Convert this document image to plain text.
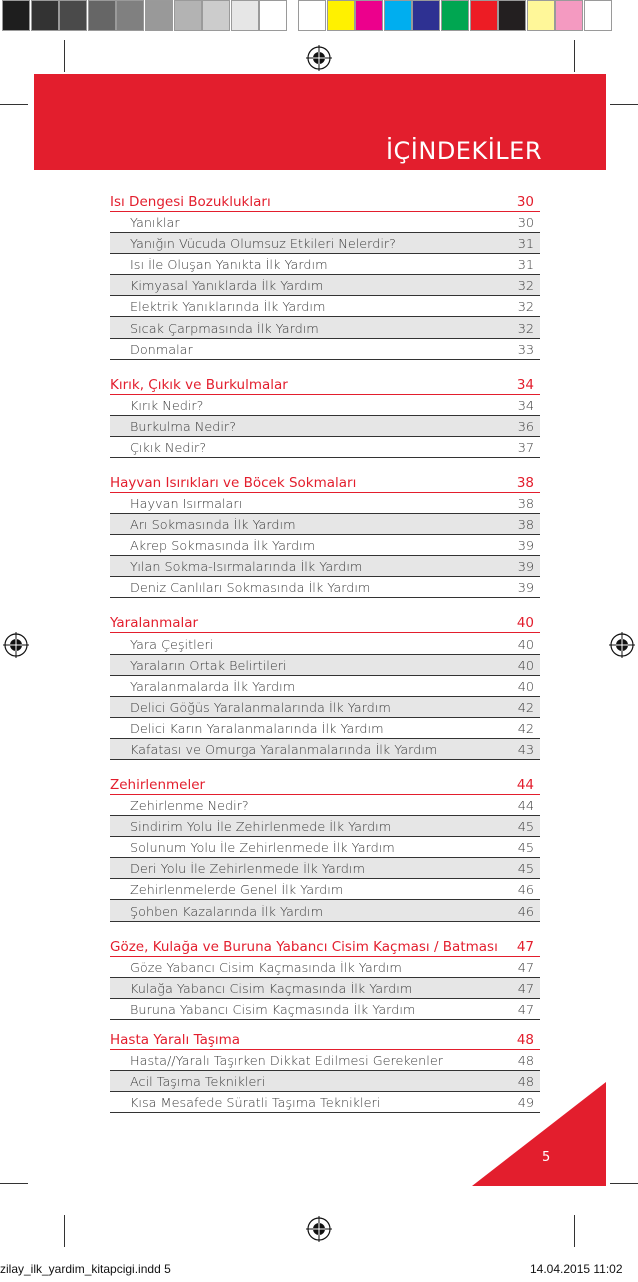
İÇİNDEKİLER
Isı Dengesi Bozuklukları	30
Yanıklar	30
Yanığın Vücuda Olumsuz Etkileri Nelerdir?	31
Isı İle Oluşan Yanıkta İlk Yardım	31
Kimyasal Yanıklarda İlk Yardım	32
Elektrik Yanıklarında İlk Yardım	32
Sıcak Çarpmasında İlk Yardım	32
Donmalar	33
Kırık, Çıkık ve Burkulmalar	34
Kırık Nedir?	34
Burkulma Nedir?	36
Çıkık Nedir?	37
Hayvan Isırıkları ve Böcek Sokmaları	38
Hayvan Isırmaları	38
Arı Sokmasında İlk Yardım	38
Akrep Sokmasında İlk Yardım	39
Yılan Sokma-Isırmalarında İlk Yardım	39
Deniz Canlıları Sokmasında İlk Yardım	39
Yaralanmalar	40
Yara Çeşitleri	40
Yaraların Ortak Belirtileri	40
Yaralanmalarda İlk Yardım	40
Delici Göğüs Yaralanmalarında İlk Yardım	42
Delici Karın Yaralanmalarında İlk Yardım	42
Kafatası ve Omurga Yaralanmalarında İlk Yardım	43
Zehirlenmeler	44
Zehirlenme Nedir?	44
Sindirim Yolu İle Zehirlenmede İlk Yardım	45
Solunum Yolu İle Zehirlenmede İlk Yardım	45
Deri Yolu İle Zehirlenmede İlk Yardım	45
Zehirlenmelerde Genel İlk Yardım	46
Şohben Kazalarında İlk Yardım	46
Göze, Kulağa ve Buruna Yabancı Cisim Kaçması / Batması	47
Göze Yabancı Cisim Kaçmasında İlk Yardım	47
Kulağa Yabancı Cisim Kaçmasında İlk Yardım	47
Buruna Yabancı Cisim Kaçmasında İlk Yardım	47
Hasta Yaralı Taşıma	48
Hasta//Yaralı Taşırken Dikkat Edilmesi Gerekenler	48
Acil Taşıma Teknikleri	48
Kısa Mesafede Süratli Taşıma Teknikleri	49
5
zilay_ilk_yardim_kitapcigi.indd 5	14.04.2015 11:02
